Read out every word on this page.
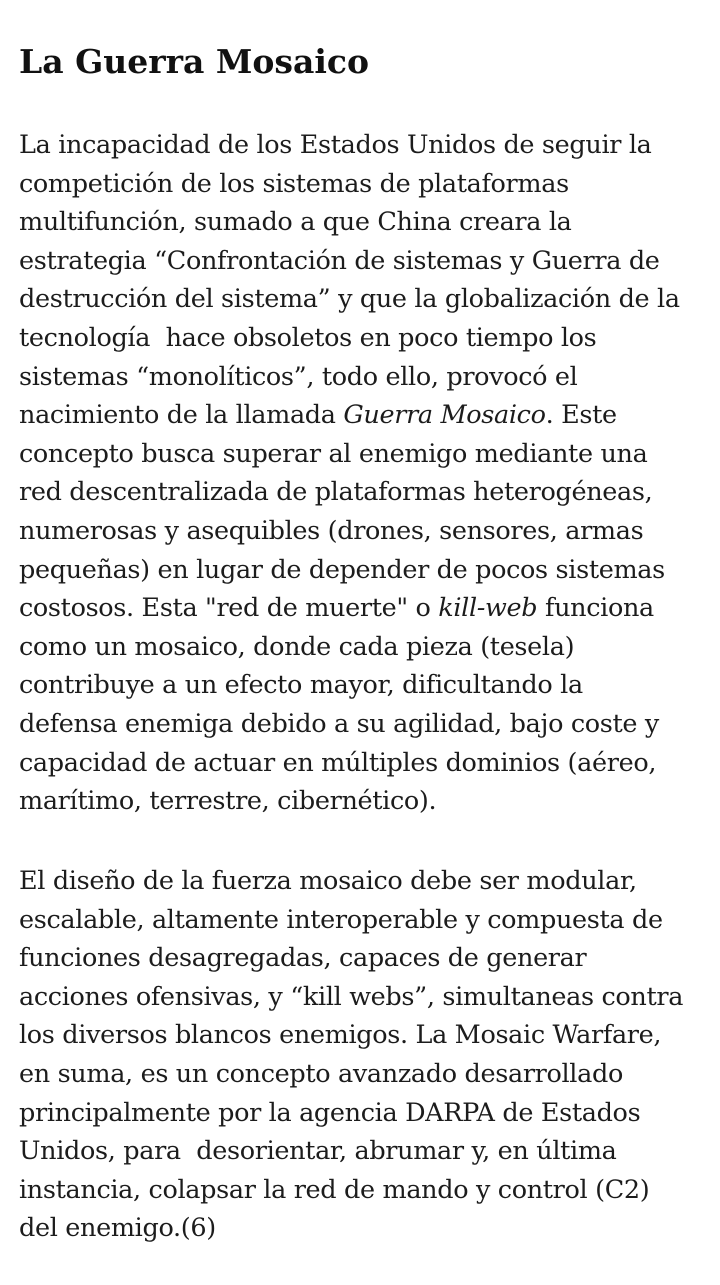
La Guerra Mosaico

La incapacidad de los Estados Unidos de seguir la
competición de los sistemas de plataformas
multifunción, sumado a que China creara la
estrategia “Confrontación de sistemas y Guerra de
destrucción del sistema” y que la globalización de la
tecnología  hace obsoletos en poco tiempo los
sistemas “monolíticos”, todo ello, provocó el
nacimiento de la llamada Guerra Mosaico. Este
concepto busca superar al enemigo mediante una
red descentralizada de plataformas heterogéneas,
numerosas y asequibles (drones, sensores, armas
pequeñas) en lugar de depender de pocos sistemas
costosos. Esta "red de muerte" o kill-web funciona
como un mosaico, donde cada pieza (tesela)
contribuye a un efecto mayor, dificultando la
defensa enemiga debido a su agilidad, bajo coste y
capacidad de actuar en múltiples dominios (aéreo,
marítimo, terrestre, cibernético).

El diseño de la fuerza mosaico debe ser modular,
escalable, altamente interoperable y compuesta de
funciones desagregadas, capaces de generar
acciones ofensivas, y “kill webs”, simultaneas contra
los diversos blancos enemigos. La Mosaic Warfare,
en suma, es un concepto avanzado desarrollado
principalmente por la agencia DARPA de Estados
Unidos, para  desorientar, abrumar y, en última
instancia, colapsar la red de mando y control (C2)
del enemigo.(6)
